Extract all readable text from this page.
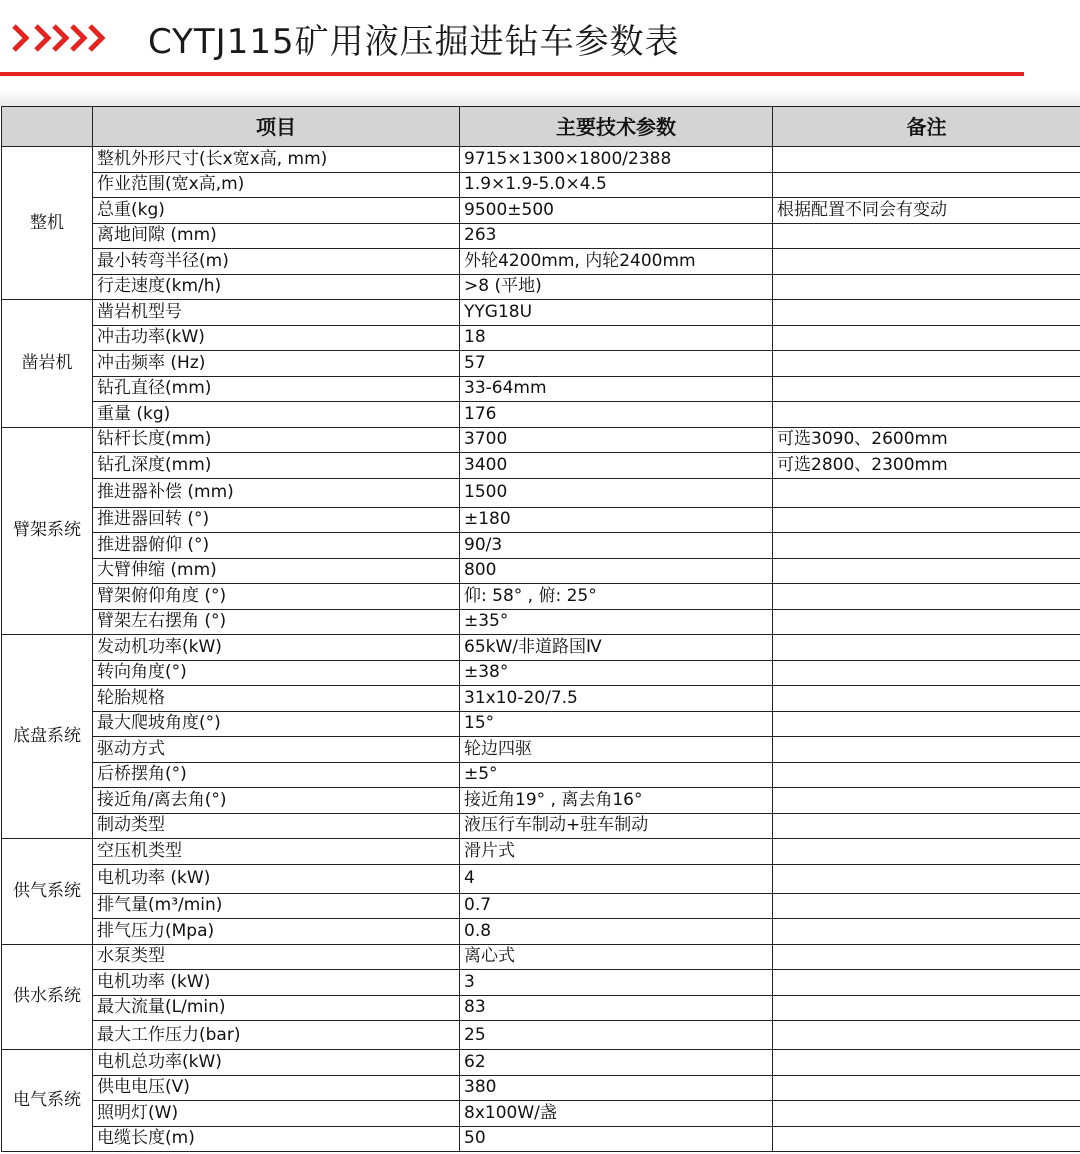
CYTJ115矿用液压掘进钻车参数表
	项目	主要技术参数	备注
整机	整机外形尺寸(长x宽x高, mm)	9715×1300×1800/2388	
	作业范围(宽x高,m)	1.9×1.9-5.0×4.5	
	总重(kg)	9500±500	根据配置不同会有变动
	离地间隙 (mm)	263	
	最小转弯半径(m)	外轮4200mm, 内轮2400mm	
	行走速度(km/h)	>8 (平地)	
凿岩机	凿岩机型号	YYG18U	
	冲击功率(kW)	18	
	冲击频率 (Hz)	57	
	钻孔直径(mm)	33-64mm	
	重量 (kg)	176	
臂架系统	钻杆长度(mm)	3700	可选3090、2600mm
	钻孔深度(mm)	3400	可选2800、2300mm
	推进器补偿 (mm)	1500	
	推进器回转 (°)	±180	
	推进器俯仰 (°)	90/3	
	大臂伸缩 (mm)	800	
	臂架俯仰角度 (°)	仰: 58° , 俯: 25°	
	臂架左右摆角 (°)	±35°	
底盘系统	发动机功率(kW)	65kW/非道路国Ⅳ	
	转向角度(°)	±38°	
	轮胎规格	31x10-20/7.5	
	最大爬坡角度(°)	15°	
	驱动方式	轮边四驱	
	后桥摆角(°)	±5°	
	接近角/离去角(°)	接近角19° , 离去角16°	
	制动类型	液压行车制动+驻车制动	
供气系统	空压机类型	滑片式	
	电机功率 (kW)	4	
	排气量(m³/min)	0.7	
	排气压力(Mpa)	0.8	
供水系统	水泵类型	离心式	
	电机功率 (kW)	3	
	最大流量(L/min)	83	
	最大工作压力(bar)	25	
电气系统	电机总功率(kW)	62	
	供电电压(V)	380	
	照明灯(W)	8x100W/盏	
	电缆长度(m)	50	
